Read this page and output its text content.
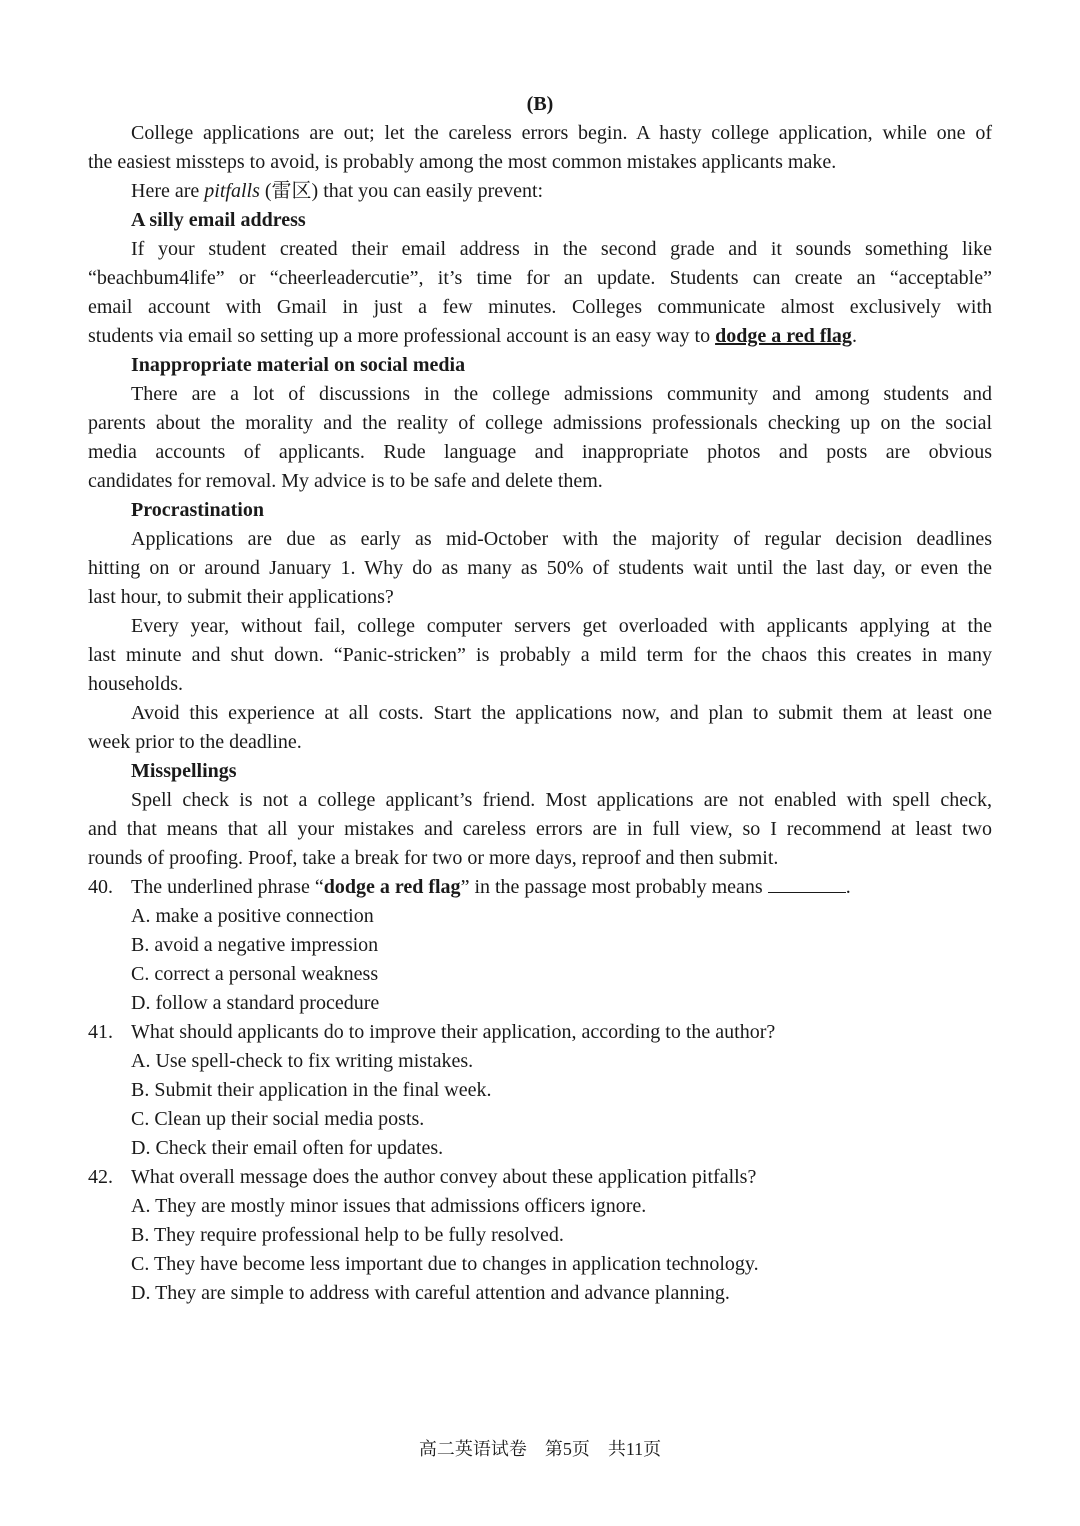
(B)
College applications are out; let the careless errors begin. A hasty college application, while one of
the easiest missteps to avoid, is probably among the most common mistakes applicants make.
Here are pitfalls (雷区) that you can easily prevent:
A silly email address
If your student created their email address in the second grade and it sounds something like
“beachbum4life” or “cheerleadercutie”, it’s time for an update. Students can create an “acceptable”
email account with Gmail in just a few minutes. Colleges communicate almost exclusively with
students via email so setting up a more professional account is an easy way to dodge a red flag.
Inappropriate material on social media
There are a lot of discussions in the college admissions community and among students and
parents about the morality and the reality of college admissions professionals checking up on the social
media accounts of applicants. Rude language and inappropriate photos and posts are obvious
candidates for removal. My advice is to be safe and delete them.
Procrastination
Applications are due as early as mid-October with the majority of regular decision deadlines
hitting on or around January 1. Why do as many as 50% of students wait until the last day, or even the
last hour, to submit their applications?
Every year, without fail, college computer servers get overloaded with applicants applying at the
last minute and shut down. “Panic-stricken” is probably a mild term for the chaos this creates in many
households.
Avoid this experience at all costs. Start the applications now, and plan to submit them at least one
week prior to the deadline.
Misspellings
Spell check is not a college applicant’s friend. Most applications are not enabled with spell check,
and that means that all your mistakes and careless errors are in full view, so I recommend at least two
rounds of proofing. Proof, take a break for two or more days, reproof and then submit.
40. The underlined phrase “dodge a red flag” in the passage most probably means	.
A. make a positive connection
B. avoid a negative impression
C. correct a personal weakness
D. follow a standard procedure
41. What should applicants do to improve their application, according to the author?
A. Use spell-check to fix writing mistakes.
B. Submit their application in the final week.
C. Clean up their social media posts.
D. Check their email often for updates.
42. What overall message does the author convey about these application pitfalls?
A. They are mostly minor issues that admissions officers ignore.
B. They require professional help to be fully resolved.
C. They have become less important due to changes in application technology.
D. They are simple to address with careful attention and advance planning.
高二英语试卷　第5页　共11页
